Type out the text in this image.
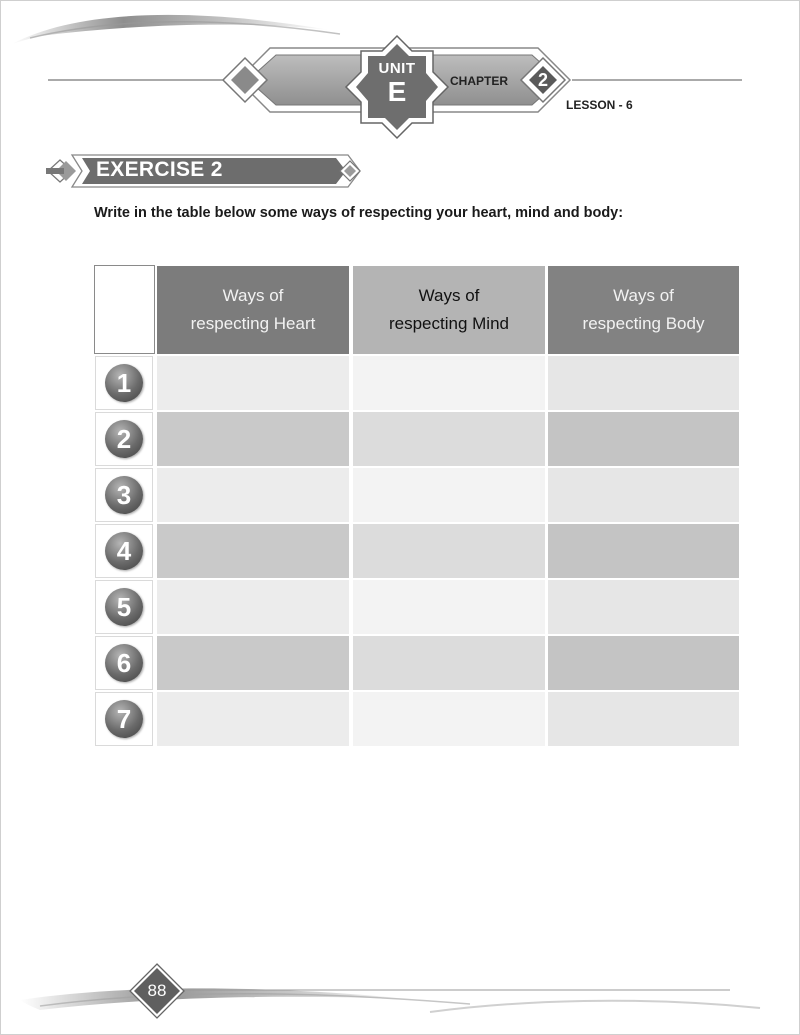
UNIT
E	CHAPTER 2
LESSON - 6
EXERCISE 2
Write in the table below some ways of respecting your heart, mind and body:
Ways of
respecting Heart
Ways of
respecting Mind
Ways of
respecting Body
1
2
3
4
5
6
7
88
